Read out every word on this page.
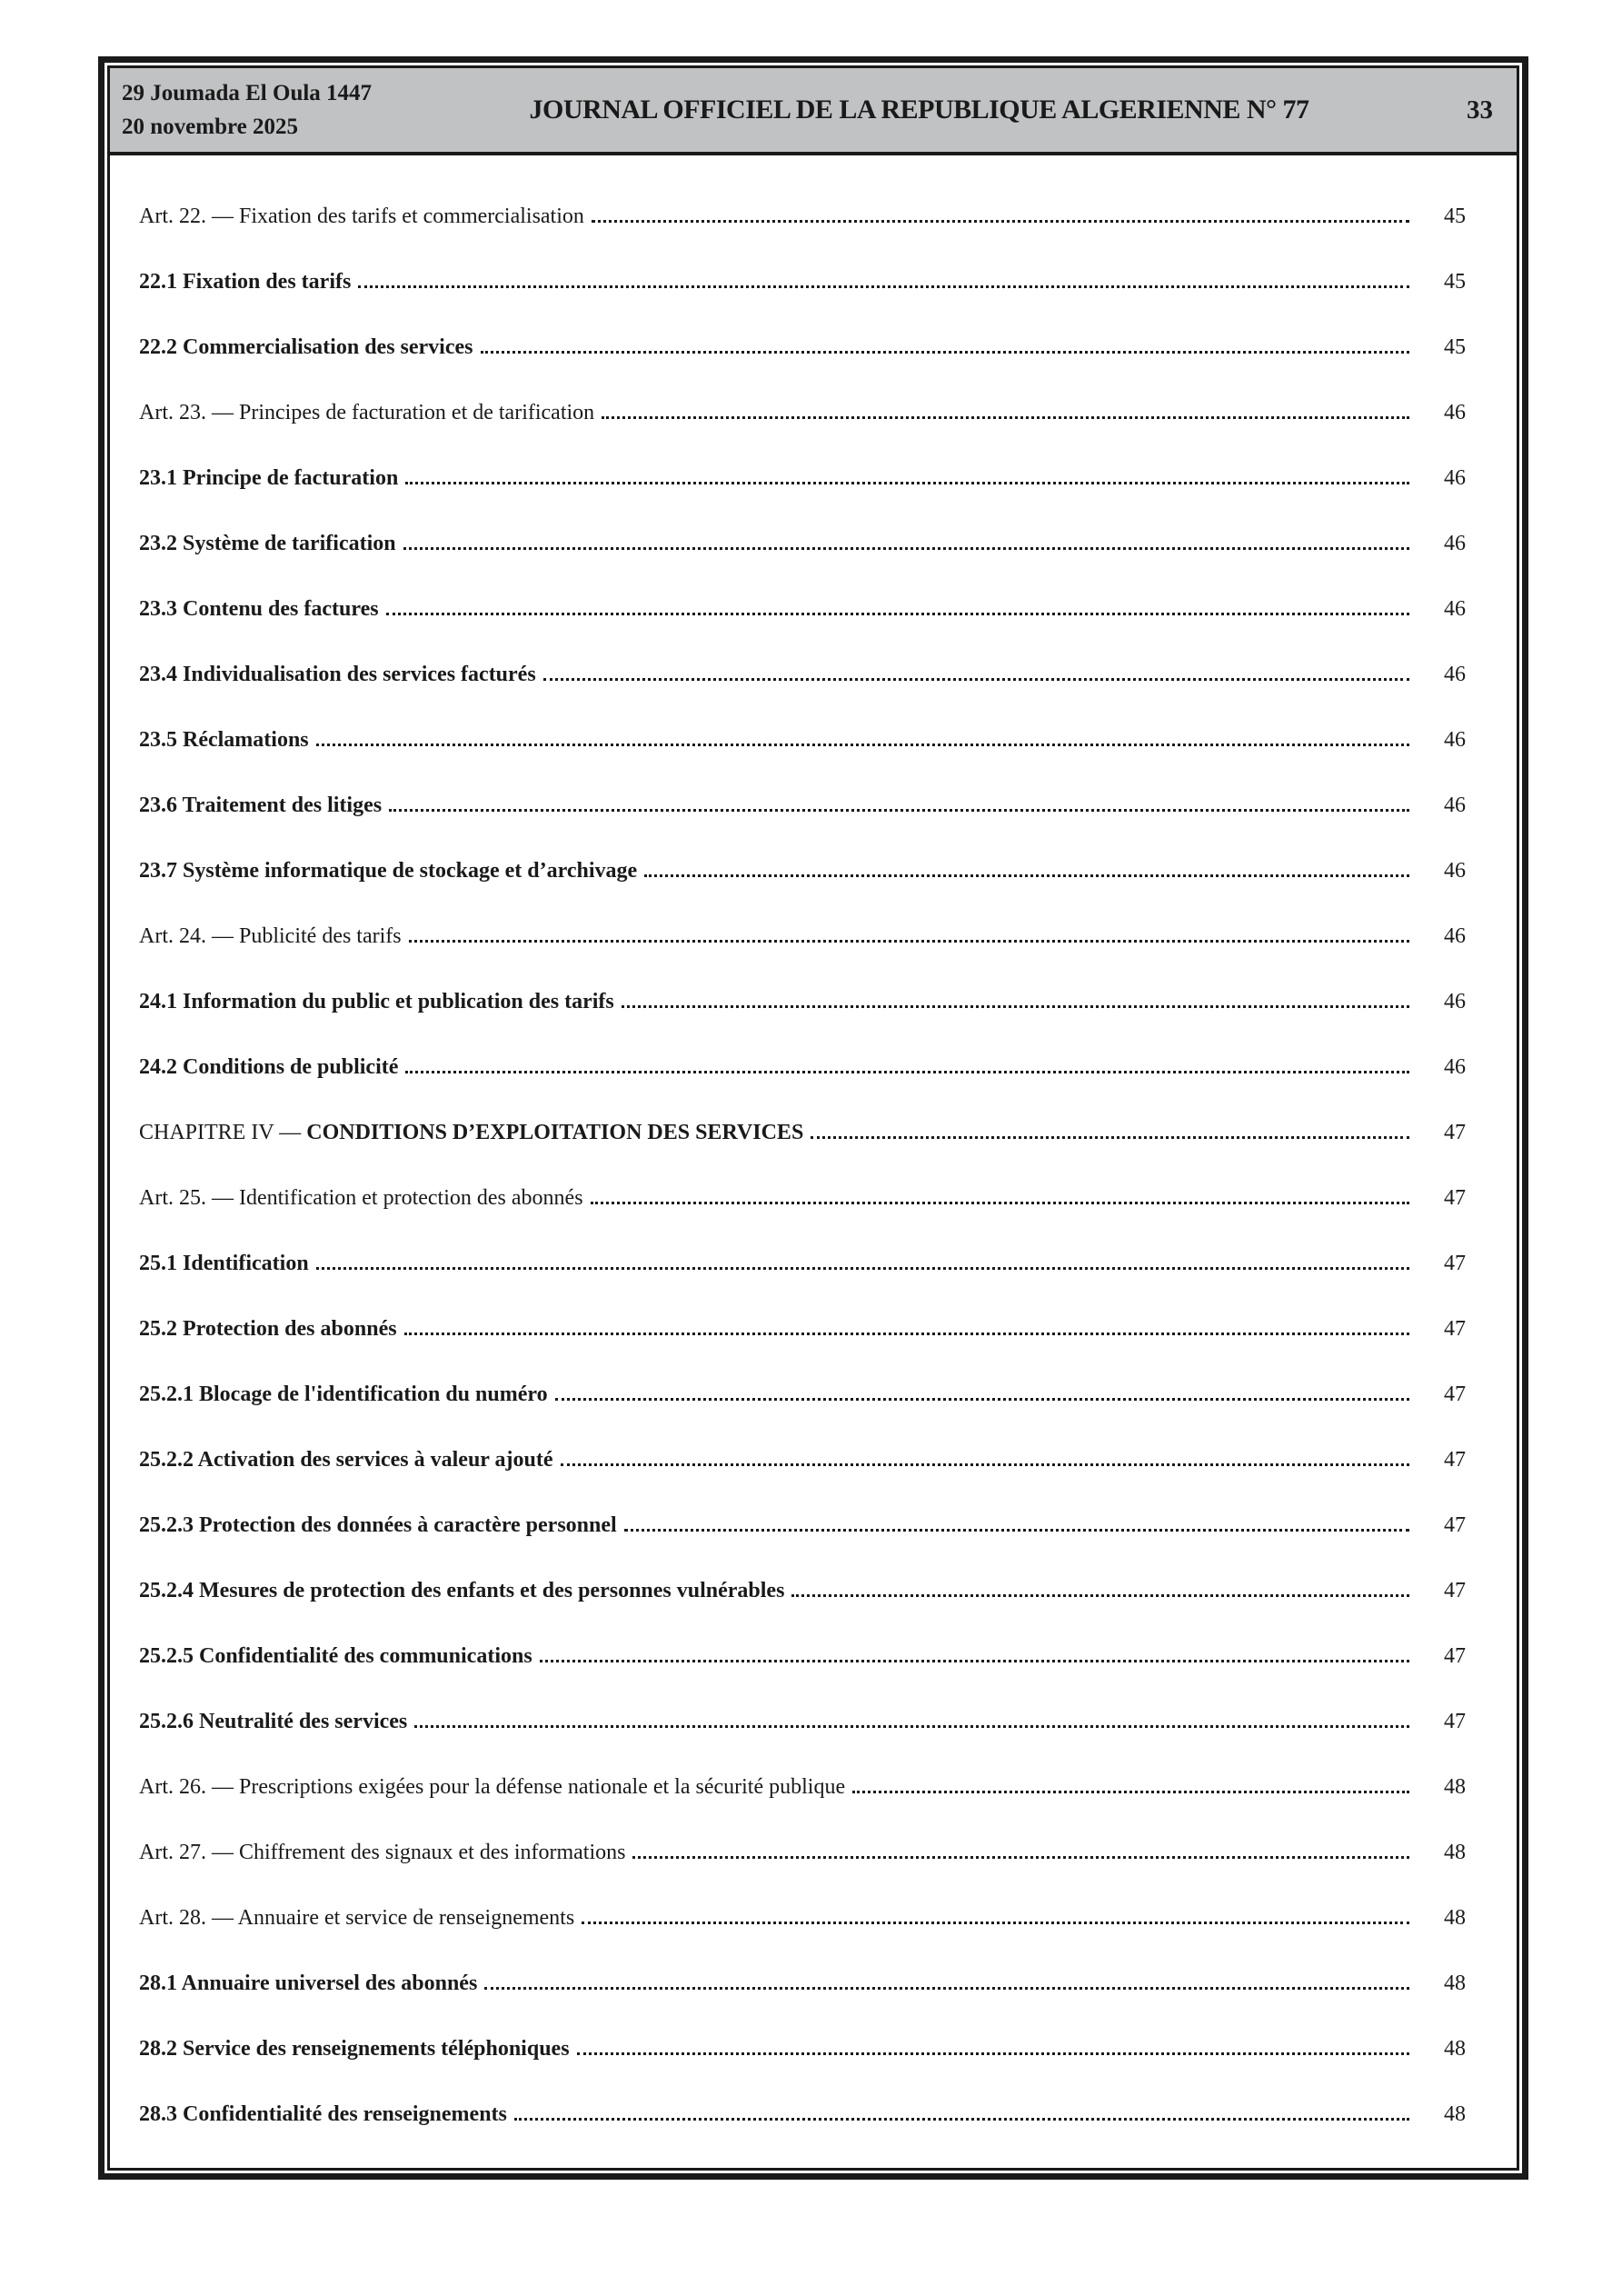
29 Joumada El Oula 1447
20 novembre 2025
JOURNAL OFFICIEL DE LA REPUBLIQUE ALGERIENNE N° 77	33
Art. 22. — Fixation des tarifs et commercialisation	45
22.1 Fixation des tarifs	45
22.2 Commercialisation des services	45
Art. 23. — Principes de facturation et de tarification	46
23.1 Principe de facturation	46
23.2 Système de tarification	46
23.3 Contenu des factures	46
23.4 Individualisation des services facturés	46
23.5 Réclamations	46
23.6 Traitement des litiges	46
23.7 Système informatique de stockage et d’archivage	46
Art. 24. — Publicité des tarifs	46
24.1 Information du public et publication des tarifs	46
24.2 Conditions de publicité	46
CHAPITRE IV — CONDITIONS D’EXPLOITATION DES SERVICES	47
Art. 25. — Identification et protection des abonnés	47
25.1 Identification	47
25.2 Protection des abonnés	47
25.2.1 Blocage de l'identification du numéro	47
25.2.2 Activation des services à valeur ajouté	47
25.2.3 Protection des données à caractère personnel	47
25.2.4 Mesures de protection des enfants et des personnes vulnérables	47
25.2.5 Confidentialité des communications	47
25.2.6 Neutralité des services	47
Art. 26. — Prescriptions exigées pour la défense nationale et la sécurité publique	48
Art. 27. — Chiffrement des signaux et des informations	48
Art. 28. — Annuaire et service de renseignements	48
28.1 Annuaire universel des abonnés	48
28.2 Service des renseignements téléphoniques	48
28.3 Confidentialité des renseignements	48
